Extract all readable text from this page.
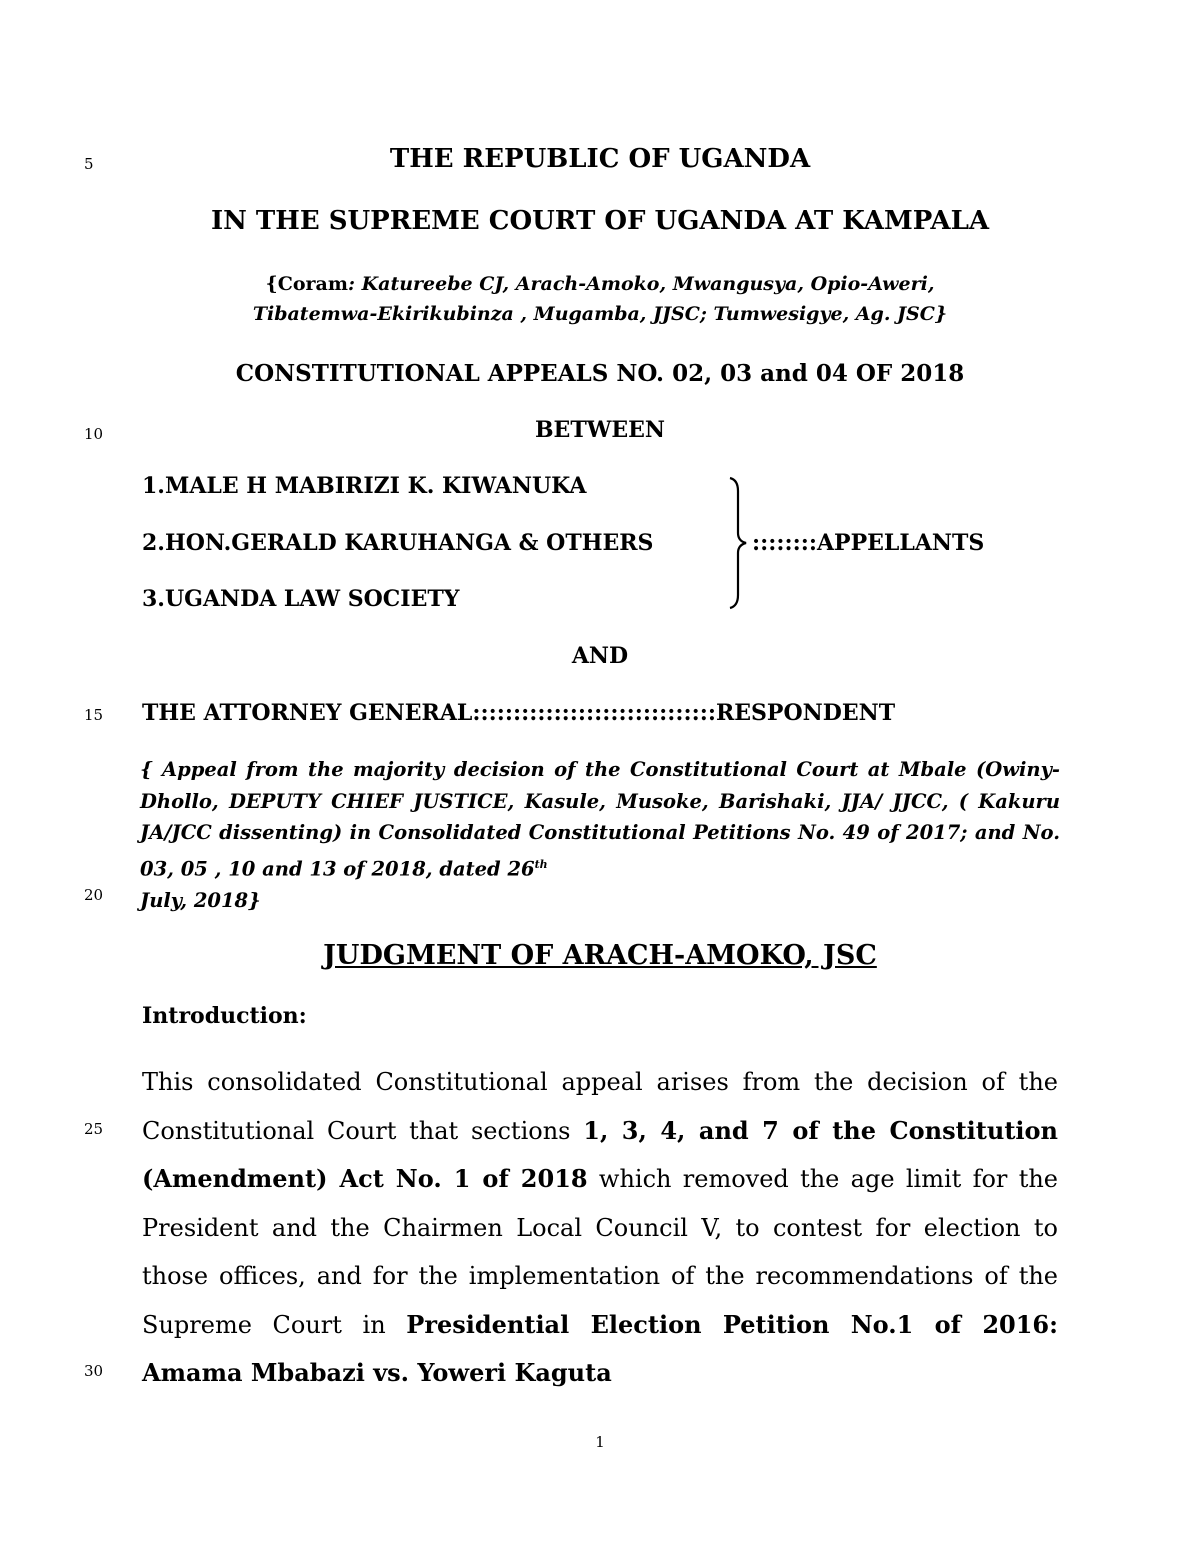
5
10
15
20
25
30
THE REPUBLIC OF UGANDA
IN THE SUPREME COURT OF UGANDA AT KAMPALA
{Coram: Katureebe CJ, Arach-Amoko, Mwangusya, Opio-Aweri,
Tibatemwa-Ekirikubinza , Mugamba, JJSC; Tumwesigye, Ag. JSC}
CONSTITUTIONAL APPEALS NO. 02, 03 and 04 OF 2018
BETWEEN
1.MALE H MABIRIZI K. KIWANUKA
2.HON.GERALD KARUHANGA & OTHERS
3.UGANDA LAW SOCIETY
::::::::APPELLANTS
AND
THE ATTORNEY GENERAL::::::::::::::::::::::::::::::RESPONDENT
{ Appeal from the majority decision of the Constitutional Court at Mbale (Owiny-Dhollo, DEPUTY CHIEF JUSTICE, Kasule, Musoke, Barishaki, JJA/ JJCC, ( Kakuru JA/JCC dissenting) in Consolidated Constitutional Petitions No. 49 of 2017; and No. 03, 05 , 10 and 13 of 2018, dated 26th
July, 2018}
JUDGMENT OF ARACH-AMOKO, JSC
Introduction:
This consolidated Constitutional appeal arises from the decision of the Constitutional Court that sections 1, 3, 4, and 7 of the Constitution (Amendment) Act No. 1 of 2018 which removed the age limit for the President and the Chairmen Local Council V, to contest for election to those offices, and for the implementation of the recommendations of the Supreme Court in Presidential Election Petition No.1 of 2016: Amama Mbabazi vs. Yoweri Kaguta
1
